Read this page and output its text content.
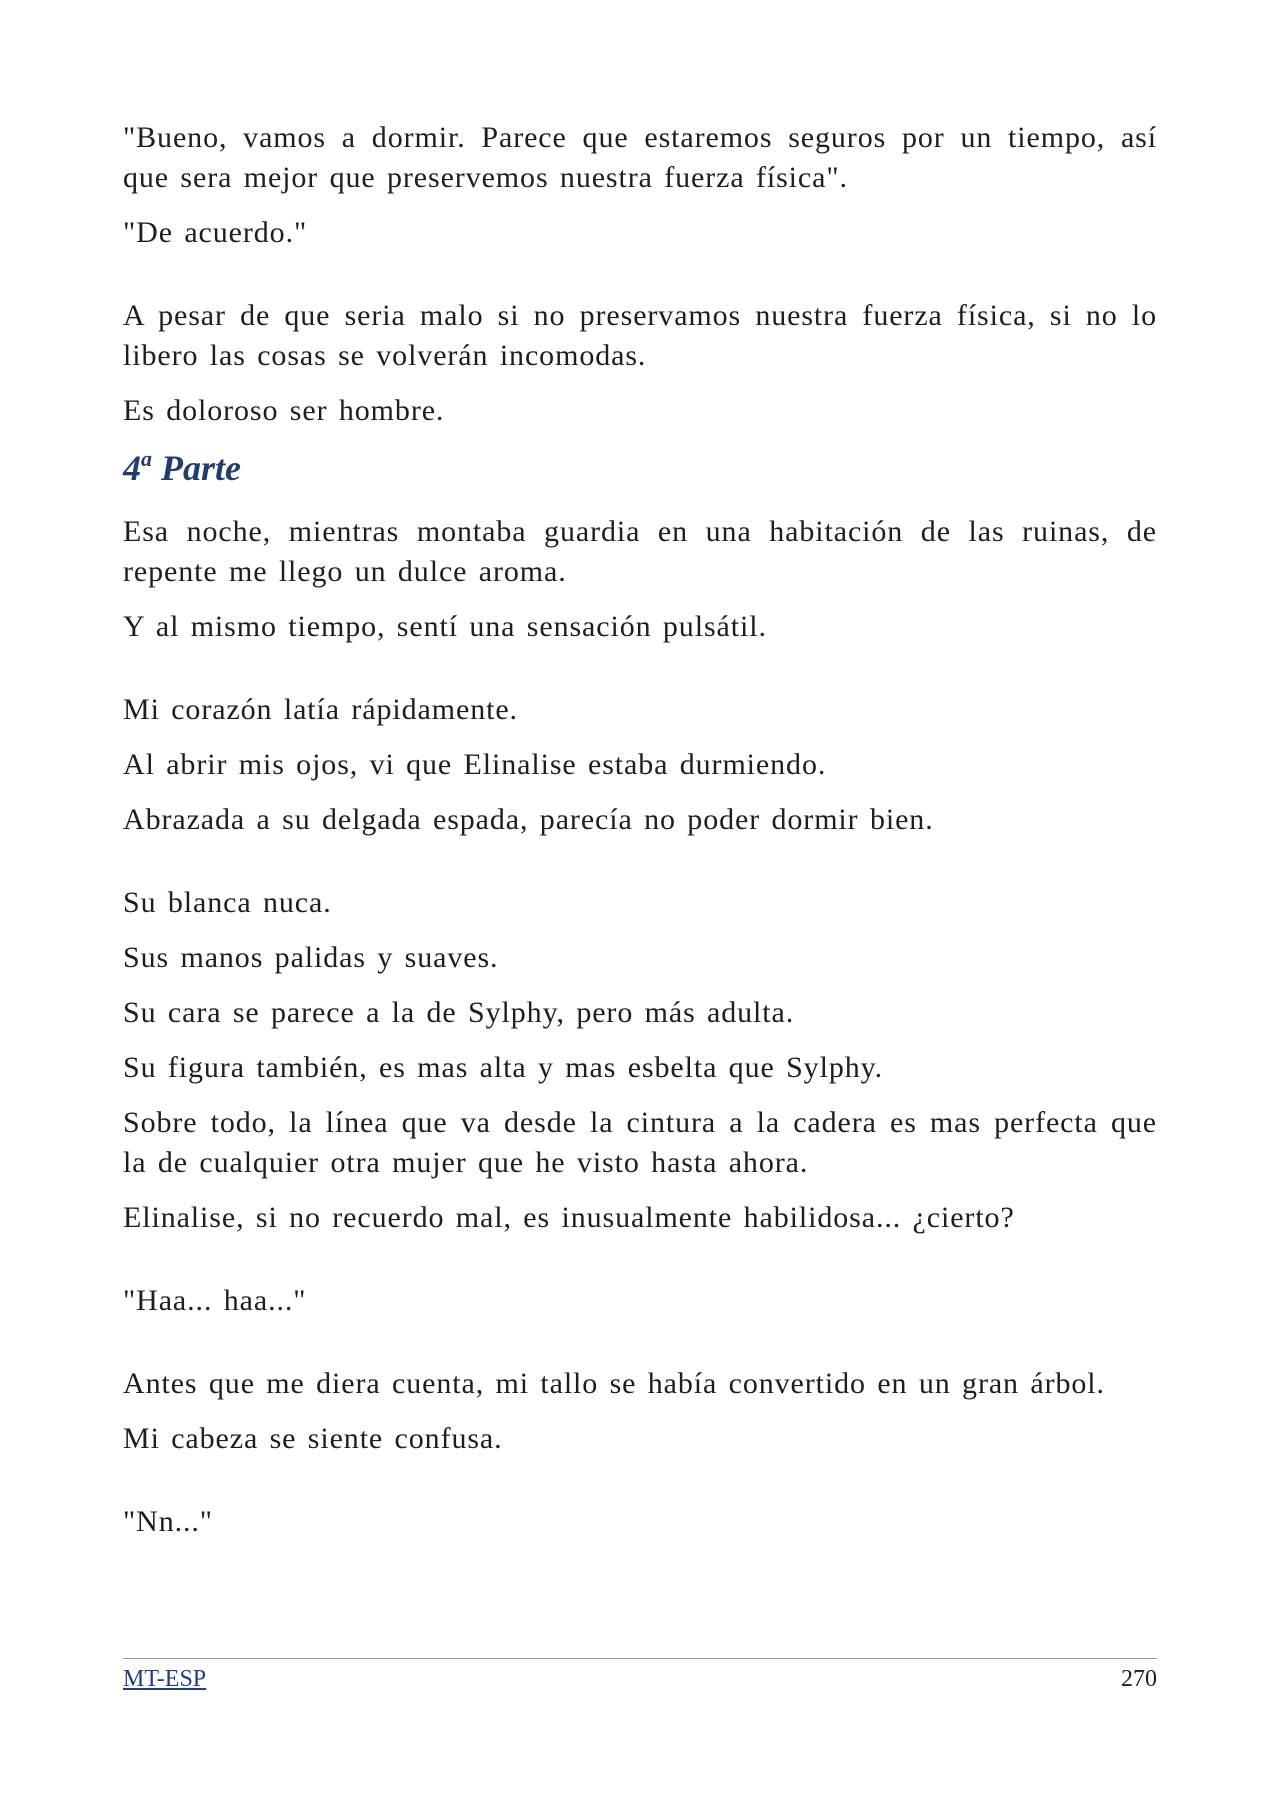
"Bueno, vamos a dormir. Parece que estaremos seguros por un tiempo, así que sera mejor que preservemos nuestra fuerza física".

"De acuerdo."

A pesar de que seria malo si no preservamos nuestra fuerza física, si no lo libero las cosas se volverán incomodas.

Es doloroso ser hombre.

4$^a$ Parte

Esa noche, mientras montaba guardia en una habitación de las ruinas, de repente me llego un dulce aroma.

Y al mismo tiempo, sentí una sensación pulsátil.

Mi corazón latía rápidamente.

Al abrir mis ojos, vi que Elinalise estaba durmiendo.

Abrazada a su delgada espada, parecía no poder dormir bien.

Su blanca nuca.

Sus manos palidas y suaves.

Su cara se parece a la de Sylphy, pero más adulta.

Su figura también, es mas alta y mas esbelta que Sylphy.

Sobre todo, la línea que va desde la cintura a la cadera es mas perfecta que la de cualquier otra mujer que he visto hasta ahora.

Elinalise, si no recuerdo mal, es inusualmente habilidosa... ¿cierto?

"Haa... haa..."

Antes que me diera cuenta, mi tallo se había convertido en un gran árbol.

Mi cabeza se siente confusa.

"Nn..."

MT-ESP	270
